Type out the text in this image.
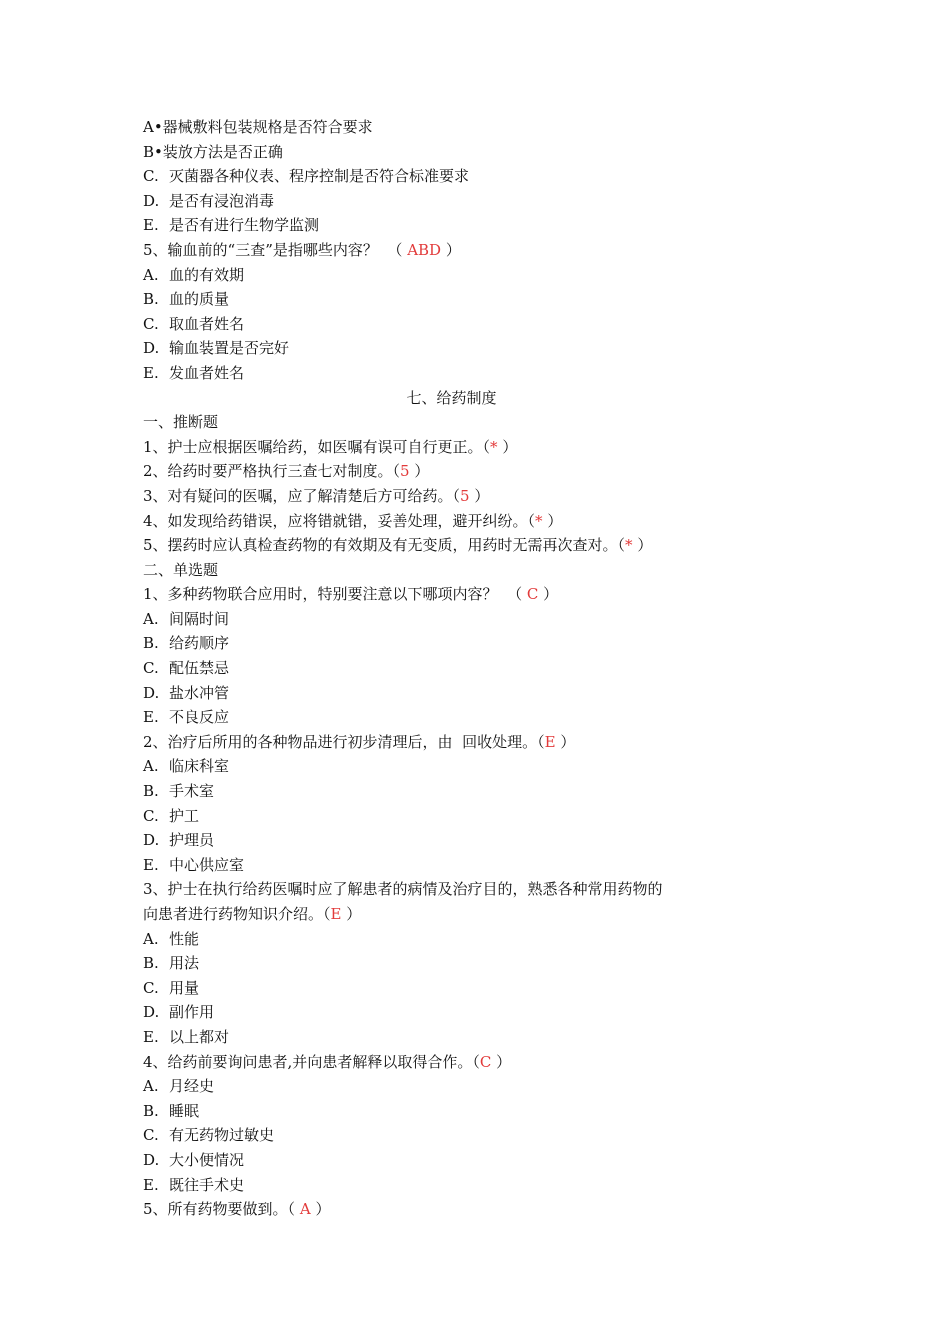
A•器械敷料包装规格是否符合要求
B•装放方法是否正确
C. 灭菌器各种仪表、程序控制是否符合标准要求
D. 是否有浸泡消毒
E. 是否有进行生物学监测
5、输血前的“三查”是指哪些内容？  （ ABD ）
A. 血的有效期
B. 血的质量
C. 取血者姓名
D. 输血装置是否完好
E. 发血者姓名
七、给药制度
一、推断题
1、护士应根据医嘱给药，如医嘱有误可自行更正。（* ）
2、给药时要严格执行三查七对制度。（5 ）
3、对有疑问的医嘱，应了解清楚后方可给药。（5 ）
4、如发现给药错误，应将错就错，妥善处理，避开纠纷。（* ）
5、摆药时应认真检查药物的有效期及有无变质，用药时无需再次查对。（* ）
二、单选题
1、多种药物联合应用时，特别要注意以下哪项内容？  （ C ）
A. 间隔时间
B. 给药顺序
C. 配伍禁忌
D. 盐水冲管
E. 不良反应
2、治疗后所用的各种物品进行初步清理后，由  回收处理。（E ）
A. 临床科室
B. 手术室
C. 护工
D. 护理员
E. 中心供应室
3、护士在执行给药医嘱时应了解患者的病情及治疗目的，熟悉各种常用药物的
向患者进行药物知识介绍。（E ）
A. 性能
B. 用法
C. 用量
D. 副作用
E. 以上都对
4、给药前要询问患者,并向患者解释以取得合作。（C ）
A. 月经史
B. 睡眠
C. 有无药物过敏史
D. 大小便情况
E. 既往手术史
5、所有药物要做到。（ A ）
